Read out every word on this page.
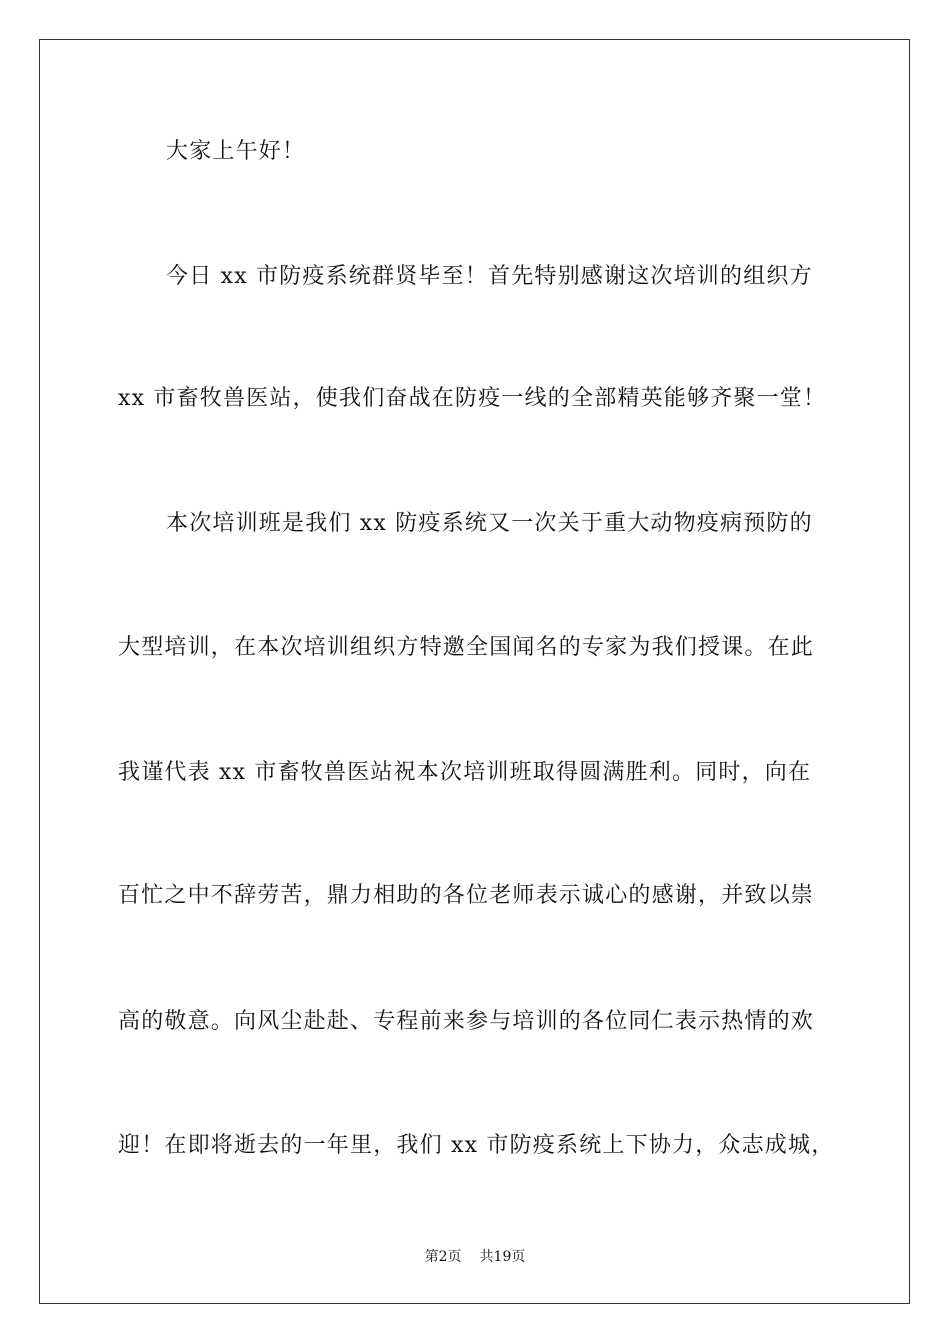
大家上午好！
今日 xx 市防疫系统群贤毕至！首先特别感谢这次培训的组织方
xx 市畜牧兽医站，使我们奋战在防疫一线的全部精英能够齐聚一堂！
本次培训班是我们 xx 防疫系统又一次关于重大动物疫病预防的
大型培训，在本次培训组织方特邀全国闻名的专家为我们授课。在此
我谨代表 xx 市畜牧兽医站祝本次培训班取得圆满胜利。同时，向在
百忙之中不辞劳苦，鼎力相助的各位老师表示诚心的感谢，并致以崇
高的敬意。向风尘赴赴、专程前来参与培训的各位同仁表示热情的欢
迎！在即将逝去的一年里，我们 xx 市防疫系统上下协力，众志成城，
第2页 共19页
